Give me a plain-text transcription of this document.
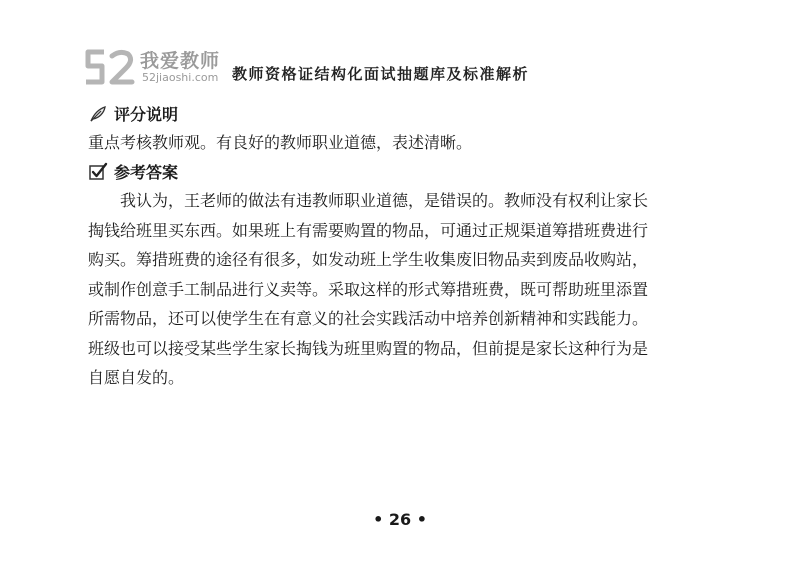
我爱教师
52jiaoshi.com 教师资格证结构化面试抽题库及标准解析
评分说明
重点考核教师观。有良好的教师职业道德，表述清晰。
参考答案
我认为，王老师的做法有违教师职业道德，是错误的。教师没有权利让家长
掏钱给班里买东西。如果班上有需要购置的物品，可通过正规渠道筹措班费进行
购买。筹措班费的途径有很多，如发动班上学生收集废旧物品卖到废品收购站，
或制作创意手工制品进行义卖等。采取这样的形式筹措班费，既可帮助班里添置
所需物品，还可以使学生在有意义的社会实践活动中培养创新精神和实践能力。
班级也可以接受某些学生家长掏钱为班里购置的物品，但前提是家长这种行为是
自愿自发的。
• 26 •
